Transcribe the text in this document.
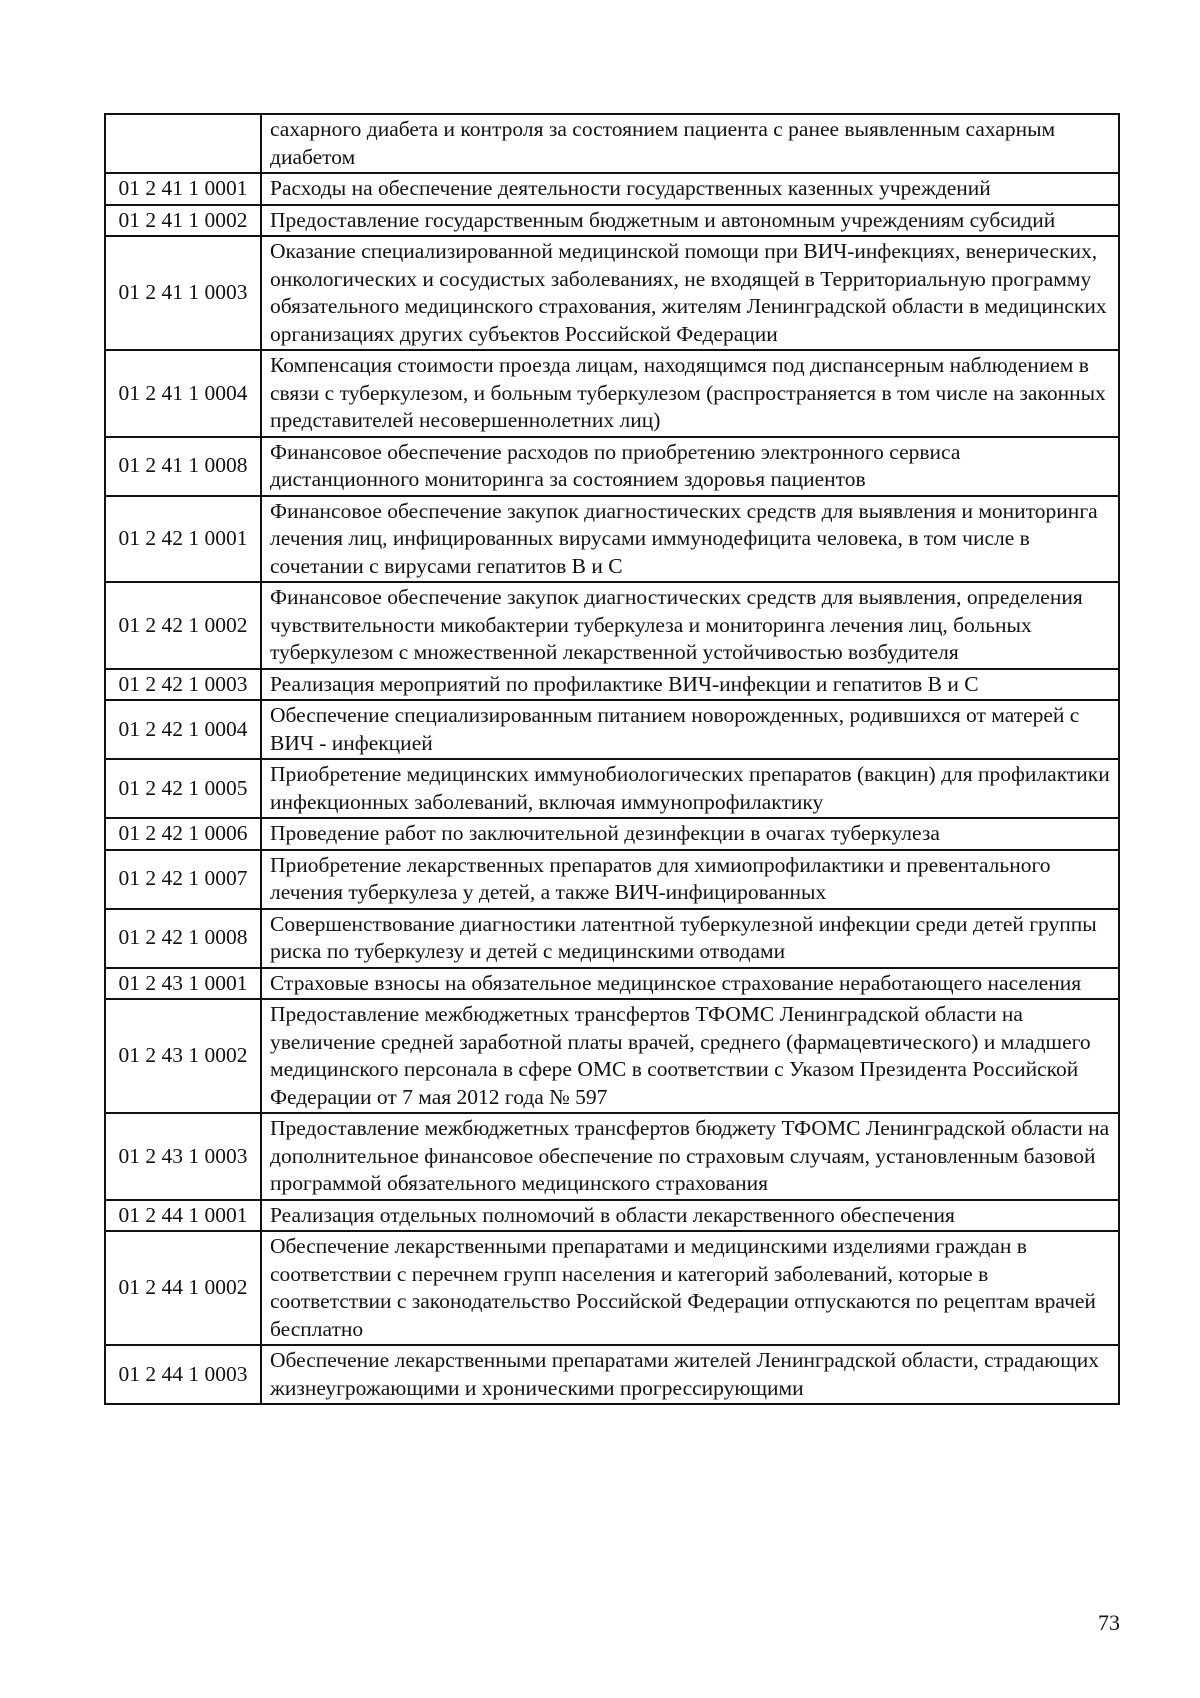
	сахарного диабета и контроля за состоянием пациента с ранее выявленным сахарным диабетом
01 2 41 1 0001	Расходы на обеспечение деятельности государственных казенных учреждений
01 2 41 1 0002	Предоставление государственным бюджетным и автономным учреждениям субсидий
01 2 41 1 0003	Оказание специализированной медицинской помощи при ВИЧ-инфекциях, венерических, онкологических и сосудистых заболеваниях, не входящей в Территориальную программу обязательного медицинского страхования, жителям Ленинградской области в медицинских организациях других субъектов Российской Федерации
01 2 41 1 0004	Компенсация стоимости проезда лицам, находящимся под диспансерным наблюдением в связи с туберкулезом, и больным туберкулезом (распространяется в том числе на законных представителей несовершеннолетних лиц)
01 2 41 1 0008	Финансовое обеспечение расходов по приобретению электронного сервиса дистанционного мониторинга за состоянием здоровья пациентов
01 2 42 1 0001	Финансовое обеспечение закупок диагностических средств для выявления и мониторинга лечения лиц, инфицированных вирусами иммунодефицита человека, в том числе в сочетании с вирусами гепатитов В и С
01 2 42 1 0002	Финансовое обеспечение закупок диагностических средств для выявления, определения чувствительности микобактерии туберкулеза и мониторинга лечения лиц, больных туберкулезом с множественной лекарственной устойчивостью возбудителя
01 2 42 1 0003	Реализация мероприятий по профилактике ВИЧ-инфекции и гепатитов В и С
01 2 42 1 0004	Обеспечение специализированным питанием новорожденных, родившихся от матерей с ВИЧ - инфекцией
01 2 42 1 0005	Приобретение медицинских иммунобиологических препаратов (вакцин) для профилактики инфекционных заболеваний, включая иммунопрофилактику
01 2 42 1 0006	Проведение работ по заключительной дезинфекции в очагах туберкулеза
01 2 42 1 0007	Приобретение лекарственных препаратов для химиопрофилактики и превентального лечения туберкулеза у детей, а также ВИЧ-инфицированных
01 2 42 1 0008	Совершенствование диагностики латентной туберкулезной инфекции среди детей группы риска по туберкулезу и детей с медицинскими отводами
01 2 43 1 0001	Страховые взносы на обязательное медицинское страхование неработающего населения
01 2 43 1 0002	Предоставление межбюджетных трансфертов ТФОМС Ленинградской области на увеличение средней заработной платы врачей, среднего (фармацевтического) и младшего медицинского персонала в сфере ОМС в соответствии с Указом Президента Российской Федерации от 7 мая 2012 года № 597
01 2 43 1 0003	Предоставление межбюджетных трансфертов бюджету ТФОМС Ленинградской области на дополнительное финансовое обеспечение по страховым случаям, установленным базовой программой обязательного медицинского страхования
01 2 44 1 0001	Реализация отдельных полномочий в области лекарственного обеспечения
01 2 44 1 0002	Обеспечение лекарственными препаратами и медицинскими изделиями граждан в соответствии с перечнем групп населения и категорий заболеваний, которые в соответствии с законодательство Российской Федерации отпускаются по рецептам врачей бесплатно
01 2 44 1 0003	Обеспечение лекарственными препаратами жителей Ленинградской области, страдающих жизнеугрожающими и хроническими прогрессирующими
73
